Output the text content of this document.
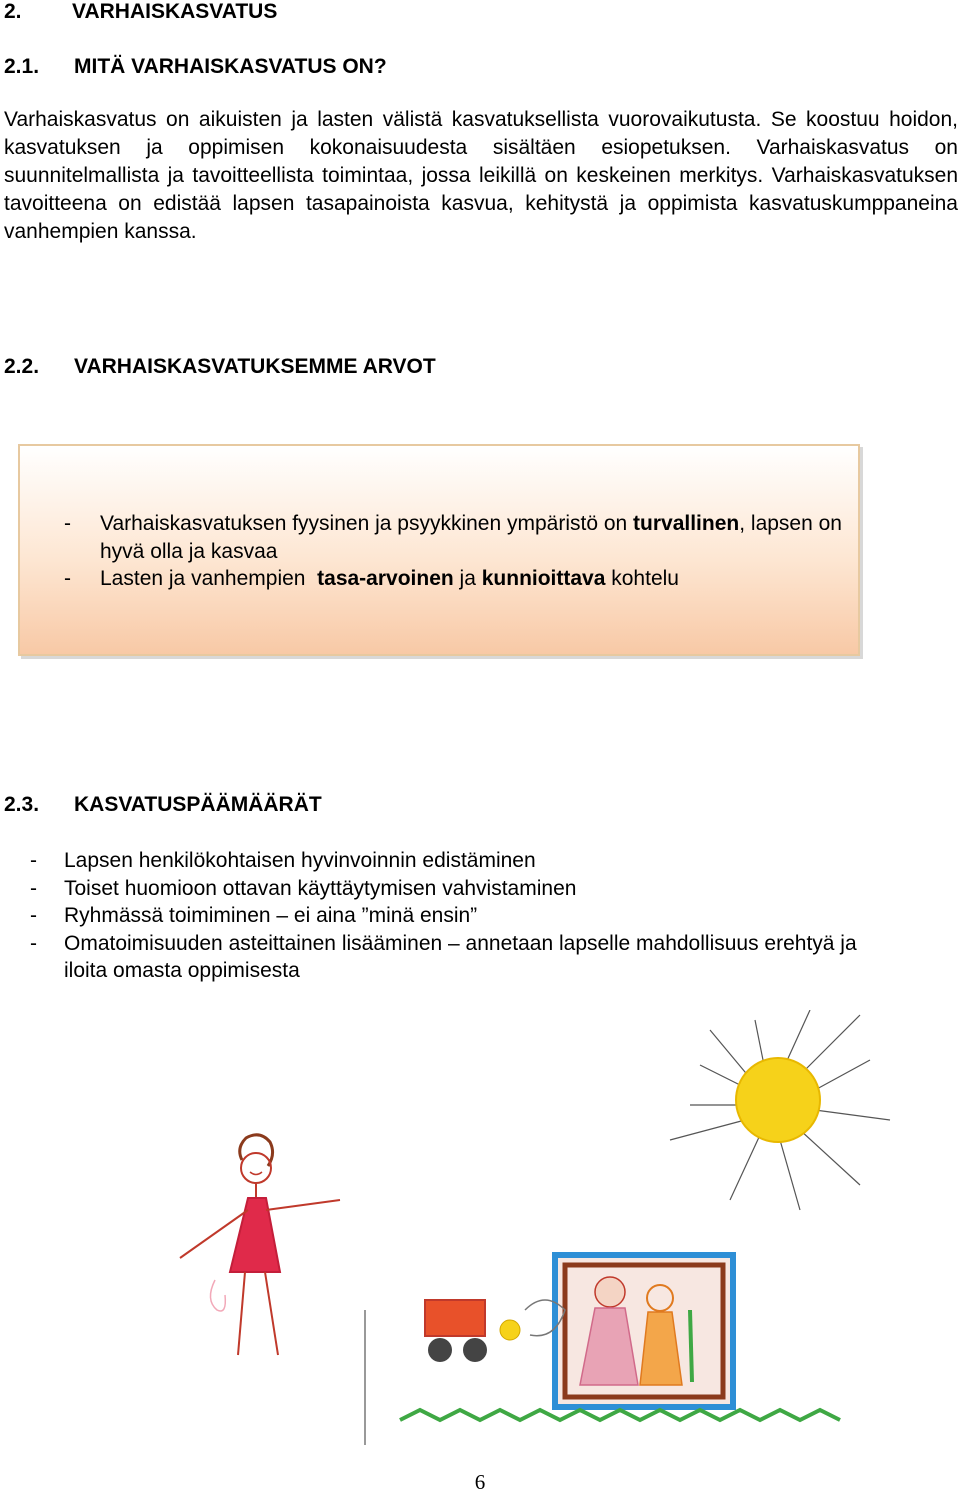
2. VARHAISKASVATUS
2.1. MITÄ VARHAISKASVATUS ON?
Varhaiskasvatus on aikuisten ja lasten välistä kasvatuksellista vuorovaikutusta. Se koostuu hoidon, kasvatuksen ja oppimisen kokonaisuudesta sisältäen esiopetuksen. Varhaiskasvatus on suunnitelmallista ja tavoitteellista toimintaa, jossa leikillä on keskeinen merkitys. Varhaiskasvatuksen tavoitteena on edistää lapsen tasapainoista kasvua, kehitystä ja oppimista kasvatuskumppaneina vanhempien kanssa.
2.2. VARHAISKASVATUKSEMME ARVOT
- Varhaiskasvatuksen fyysinen ja psyykkinen ympäristö on turvallinen, lapsen on hyvä olla ja kasvaa
- Lasten ja vanhempien  tasa-arvoinen ja kunnioittava kohtelu
2.3. KASVATUSPÄÄMÄÄRÄT
- Lapsen henkilökohtaisen hyvinvoinnin edistäminen
- Toiset huomioon ottavan käyttäytymisen vahvistaminen
- Ryhmässä toimiminen – ei aina ”minä ensin”
- Omatoimisuuden asteittainen lisääminen – annetaan lapselle mahdollisuus erehtyä ja iloita omasta oppimisesta
6
